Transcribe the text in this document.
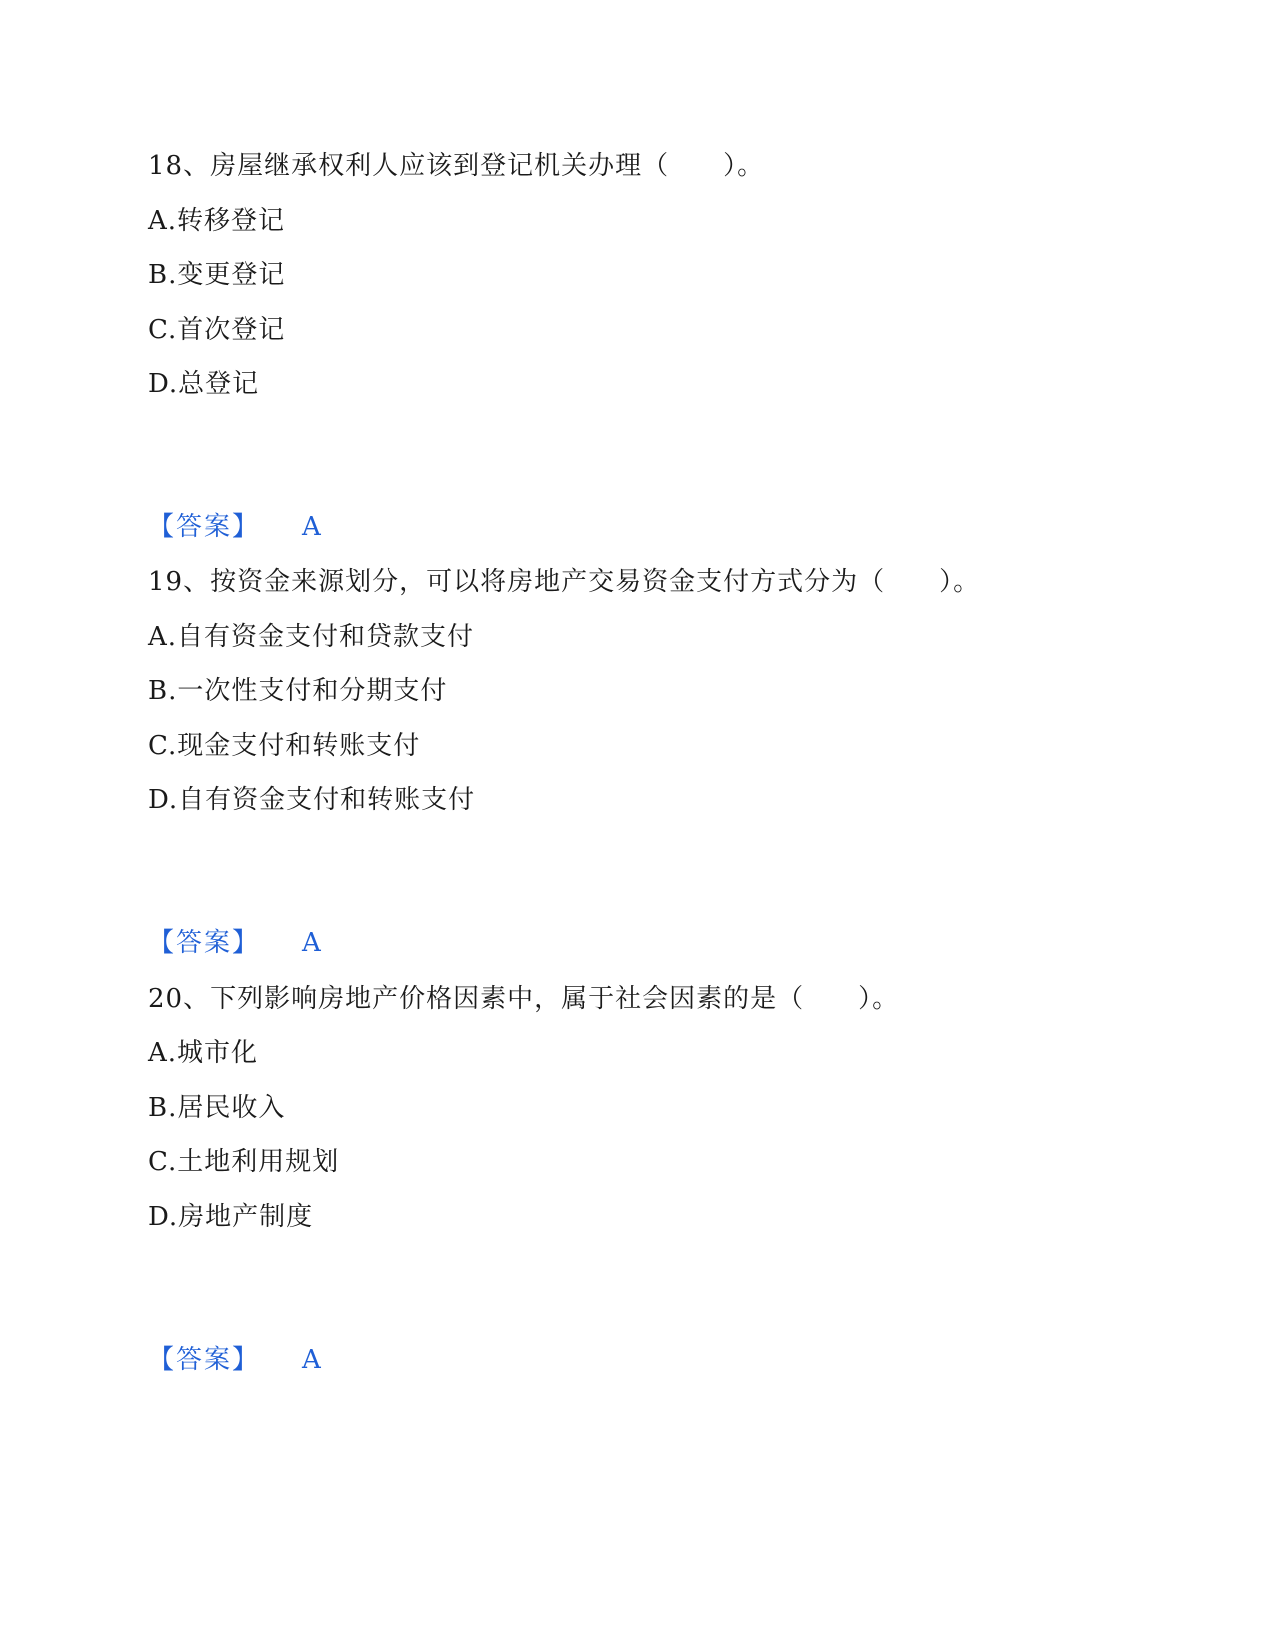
18、房屋继承权利人应该到登记机关办理（　　）。
A.转移登记
B.变更登记
C.首次登记
D.总登记
【答案】 A
19、按资金来源划分，可以将房地产交易资金支付方式分为（　　）。
A.自有资金支付和贷款支付
B.一次性支付和分期支付
C.现金支付和转账支付
D.自有资金支付和转账支付
【答案】 A
20、下列影响房地产价格因素中，属于社会因素的是（　　）。
A.城市化
B.居民收入
C.土地利用规划
D.房地产制度
【答案】 A
